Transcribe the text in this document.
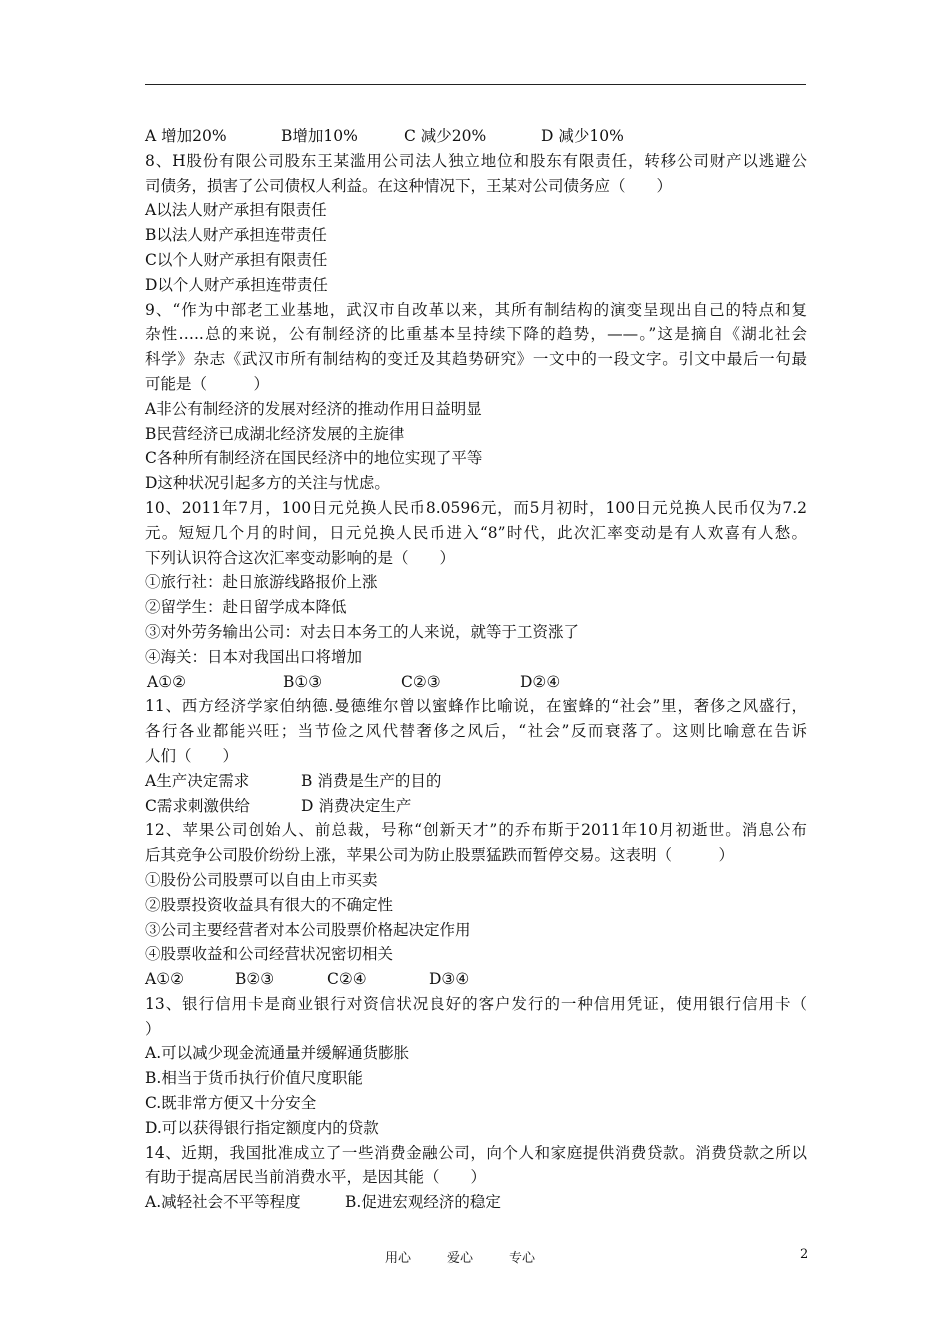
A 增加20%	B增加10%	C 减少20%	D 减少10%
8、H股份有限公司股东王某滥用公司法人独立地位和股东有限责任，转移公司财产以逃避公
司债务，损害了公司债权人利益。在这种情况下，王某对公司债务应（　　）
A以法人财产承担有限责任
B以法人财产承担连带责任
C以个人财产承担有限责任
D以个人财产承担连带责任
9、“作为中部老工业基地，武汉市自改革以来，其所有制结构的演变呈现出自己的特点和复
杂性…..总的来说，公有制经济的比重基本呈持续下降的趋势，——。”这是摘自《湖北社会
科学》杂志《武汉市所有制结构的变迁及其趋势研究》一文中的一段文字。引文中最后一句最
可能是（　　　）
A非公有制经济的发展对经济的推动作用日益明显
B民营经济已成湖北经济发展的主旋律
C各种所有制经济在国民经济中的地位实现了平等
D这种状况引起多方的关注与忧虑。
10、2011年7月，100日元兑换人民币8.0596元，而5月初时，100日元兑换人民币仅为7.2
元。短短几个月的时间，日元兑换人民币进入“8”时代，此次汇率变动是有人欢喜有人愁。
下列认识符合这次汇率变动影响的是（　　）
①旅行社：赴日旅游线路报价上涨
②留学生：赴日留学成本降低
③对外劳务输出公司：对去日本务工的人来说，就等于工资涨了
④海关：日本对我国出口将增加
A①②	B①③	C②③	D②④
11、西方经济学家伯纳德.曼德维尔曾以蜜蜂作比喻说，在蜜蜂的“社会”里，奢侈之风盛行，
各行各业都能兴旺；当节俭之风代替奢侈之风后，“社会”反而衰落了。这则比喻意在告诉
人们（　　）
A生产决定需求	B 消费是生产的目的
C需求刺激供给	D 消费决定生产
12、苹果公司创始人、前总裁，号称“创新天才”的乔布斯于2011年10月初逝世。消息公布
后其竞争公司股价纷纷上涨，苹果公司为防止股票猛跌而暂停交易。这表明（　　　）
①股份公司股票可以自由上市买卖
②股票投资收益具有很大的不确定性
③公司主要经营者对本公司股票价格起决定作用
④股票收益和公司经营状况密切相关
A①②	B②③	C②④	D③④
13、银行信用卡是商业银行对资信状况良好的客户发行的一种信用凭证，使用银行信用卡（
）
A.可以减少现金流通量并缓解通货膨胀
B.相当于货币执行价值尺度职能
C.既非常方便又十分安全
D.可以获得银行指定额度内的贷款
14、近期，我国批准成立了一些消费金融公司，向个人和家庭提供消费贷款。消费贷款之所以
有助于提高居民当前消费水平，是因其能（　　）
A.减轻社会不平等程度	B.促进宏观经济的稳定
用心	爱心	专心	2
